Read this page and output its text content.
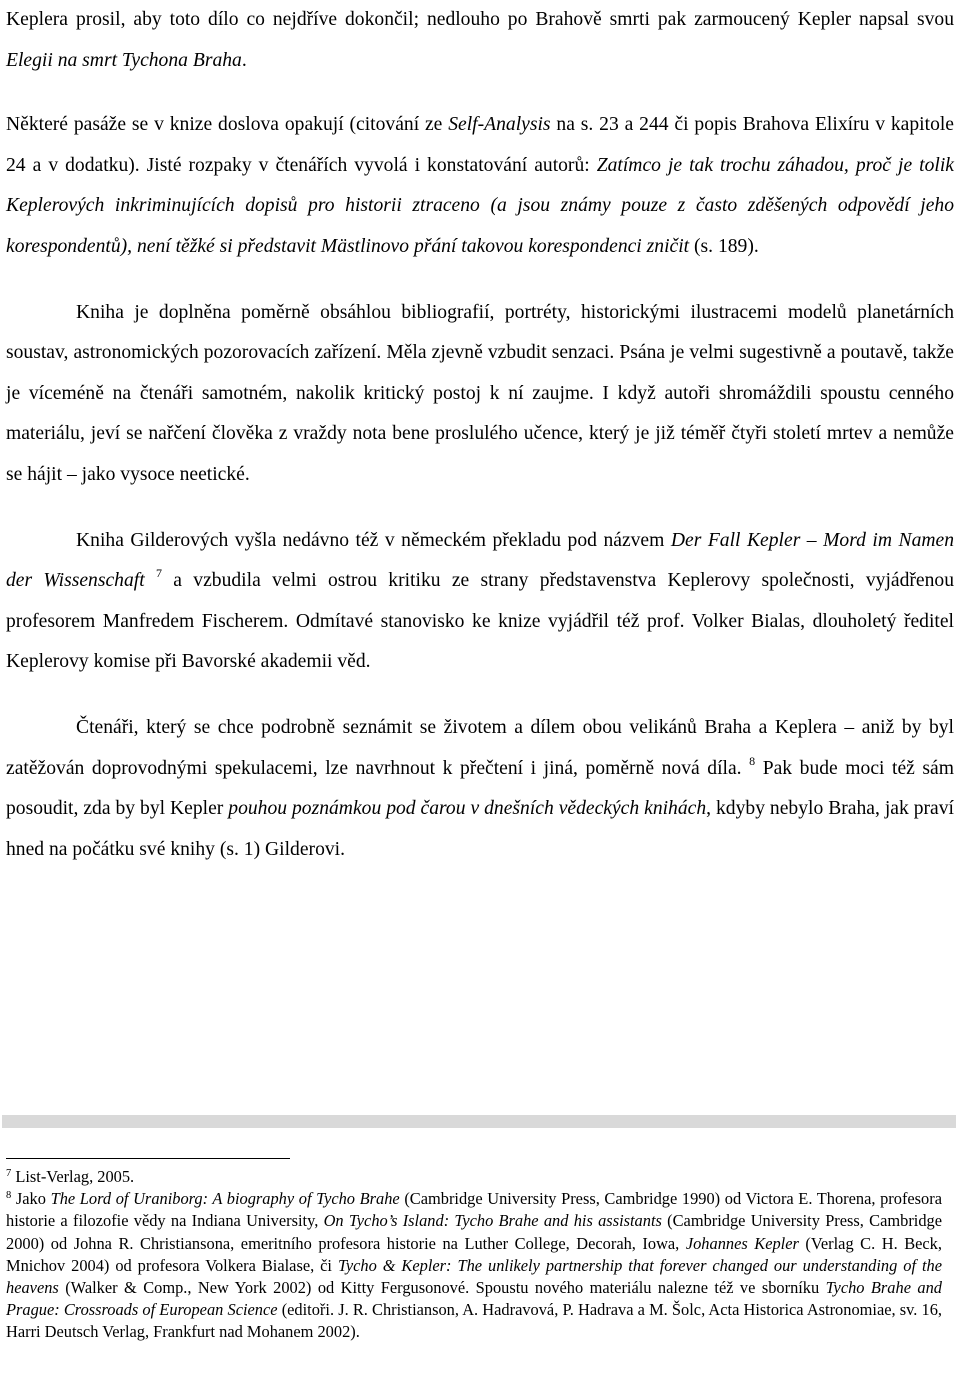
Keplera prosil, aby toto dílo co nejdříve dokončil; nedlouho po Brahově smrti pak zarmoucený Kepler napsal svou Elegii na smrt Tychona Braha.

Některé pasáže se v knize doslova opakují (citování ze Self-Analysis na s. 23 a 244 či popis Brahova Elixíru v kapitole 24 a v dodatku). Jisté rozpaky v čtenářích vyvolá i konstatování autorů: Zatímco je tak trochu záhadou, proč je tolik Keplerových inkriminujících dopisů pro historii ztraceno (a jsou známy pouze z často zděšených odpovědí jeho korespondentů), není těžké si představit Mästlinovo přání takovou korespondenci zničit (s. 189).

Kniha je doplněna poměrně obsáhlou bibliografií, portréty, historickými ilustracemi modelů planetárních soustav, astronomických pozorovacích zařízení. Měla zjevně vzbudit senzaci. Psána je velmi sugestivně a poutavě, takže je víceméně na čtenáři samotném, nakolik kritický postoj k ní zaujme. I když autoři shromáždili spoustu cenného materiálu, jeví se nařčení člověka z vraždy nota bene proslulého učence, který je již téměř čtyři století mrtev a nemůže se hájit – jako vysoce neetické.

Kniha Gilderových vyšla nedávno též v německém překladu pod názvem Der Fall Kepler – Mord im Namen der Wissenschaft $^7$ a vzbudila velmi ostrou kritiku ze strany představenstva Keplerovy společnosti, vyjádřenou profesorem Manfredem Fischerem. Odmítavé stanovisko ke knize vyjádřil též prof. Volker Bialas, dlouholetý ředitel Keplerovy komise při Bavorské akademii věd.

Čtenáři, který se chce podrobně seznámit se životem a dílem obou velikánů Braha a Keplera – aniž by byl zatěžován doprovodnými spekulacemi, lze navrhnout k přečtení i jiná, poměrně nová díla. $^8$ Pak bude moci též sám posoudit, zda by byl Kepler pouhou poznámkou pod čarou v dnešních vědeckých knihách, kdyby nebylo Braha, jak praví hned na počátku své knihy (s. 1) Gilderovi.

$^7$ List-Verlag, 2005.

$^8$ Jako The Lord of Uraniborg: A biography of Tycho Brahe (Cambridge University Press, Cambridge 1990) od Victora E. Thorena, profesora historie a filozofie vědy na Indiana University, On Tycho’s Island: Tycho Brahe and his assistants (Cambridge University Press, Cambridge 2000) od Johna R. Christiansona, emeritního profesora historie na Luther College, Decorah, Iowa, Johannes Kepler (Verlag C. H. Beck, Mnichov 2004) od profesora Volkera Bialase, či Tycho & Kepler: The unlikely partnership that forever changed our understanding of the heavens (Walker & Comp., New York 2002) od Kitty Fergusonové. Spoustu nového materiálu nalezne též ve sborníku Tycho Brahe and Prague: Crossroads of European Science (editoři. J. R. Christianson, A. Hadravová, P. Hadrava a M. Šolc, Acta Historica Astronomiae, sv. 16, Harri Deutsch Verlag, Frankfurt nad Mohanem 2002).
